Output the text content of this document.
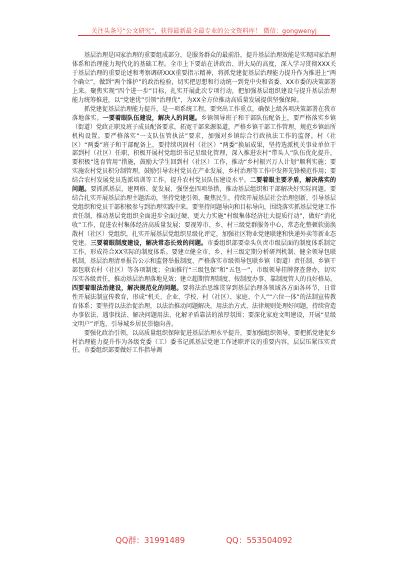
关注头条号“公文研究”，获得最新最全最专业的公文资料库！ 微信：gongwenyj

基层治理是国家治理的重要组成部分，是服务群众的最前沿，提升基层治理效能是实现国家治理体系和治理能力现代化的基础工程。全市上下要站在讲政治、讲大局的高度，深入学习贯彻XXX关于基层治理的重要论述和考察调研XXX重要指示精神，将抓党建促基层治理能力提升作为推进上“两个确立”，做到“两个维护”的政治检验，切实把思想和行动统一到党中央和省委、XX市委的决策部署上来。聚焦实现“四个进一步”目标，扎实开展此次专项行动，把加强基层组织建设与提升基层治理能力统筹推进，以“党建优”引领“治理优”，为XX全方位推动高质量发展提供坚强保障。

抓党建促基层治理能力提升，是一项系统工程，要突出工作重点，确保上级各项决策部署在我市落地落实。一要着眼队伍建设，解决人的问题。乡镇领导班子和干部队伍配备上，要严格落实乡镇（街道）党政正职及班子成员配备要求，拓宽干部来源渠道，严格乡镇干部工作管理，规范乡镇站所机构设置。要严格落实“一支队伍管执法”要求，加强对乡镇综合行政执法工作的监督。村（社区）“两委”班子和干部配备上，要持续巩固村（社区）“两委”换届成果，坚持选派机关事业单位干部到村（社区）任职，积极开展村党组织书记星级化管理，深入推进农村“带头人”队伍优化提升，要积极“选育管用”措施，鼓励大学生回到村（社区）工作，推动“乡村振兴万人计划”顺利实施；要实施农村党员积分制管理，鼓励引导农村党员在产业发展、乡村治理等工作中发挥先锋模范作用；要结合农村发展党员选派培训等工作，提升农村党员队伍建设水平。二要着眼主要矛盾，解决落实的问题。要抓抓基层，建网格、促发展、强堡垒四项举措，推动基层组织和干部解决好实际问题。要结合扎实开展基层治理主题活动，坚持党建引领、聚焦民生，持续开展基层社会治理创新，引导基层党组织和党员干部积极参与到治理实践中来。要坚持问题导向和目标导向，围绕落实抓基层党建工作责任制，推动基层党组织全面进步全面过硬，更大力实施“村级集体经济壮大提质行动”，做好“消化收”工作，促进农村集体经济高质量发展；要视筹市、乡、村三级党群服务中心，常态化整顿软弱涣散村（社区）党组织，扎实开展基层党组织星级化评定，加强社区物业党建联建和快递外卖等新业态党建。三要着眼制度建设，解决常态长效的问题。市委组织部要牵头负责市级层面的制度体系制定工作，形成符合XX实际的制度体系。要建立健全市、乡、村三级定期分析研判机制、健全领导包联机制，基层治理清单报告公示和监督举报制度、严格落实市级领导包联乡镇（街道）责任制、乡镇干部包联农村（社区）等各项制度；全面推行“三级包保”和“五包一”，市级领导挂牌督查督办，切实压实各级责任，推动基层治理落地见效；建立超期管理制度、按制度办事、靠制度管人的良好格局。四要着眼法治建设，解决规范化的问题。要将法治思维贯穿到基层治理各领域各方面各环节，日常性开展法制宣传教育，形成“机关、企业、学校、村（社区）、家庭、个人”“六位一体”的法制宣传教育体系；要坚持以法治促治理，以法治推动问题解决，用法治方式、法律规则处理好问题，持续营造办事依法、遇事找法、解决问题用法、化解矛盾靠法的浓厚氛围；要深化家庭文明建设，开展“星级文明户”评选，引导城乡居民崇德向善。

要强化政治引领，以高质量组织保障促进基层治理水平提升，要加强组织领导，要把抓党建促乡村治理能力提升作为各级党委（工）委书记抓基层党建工作述职评议的重要内容，层层压紧压实责任，市委组织部要做好工作指导调

QQ群：31991489	QQ：553504092
